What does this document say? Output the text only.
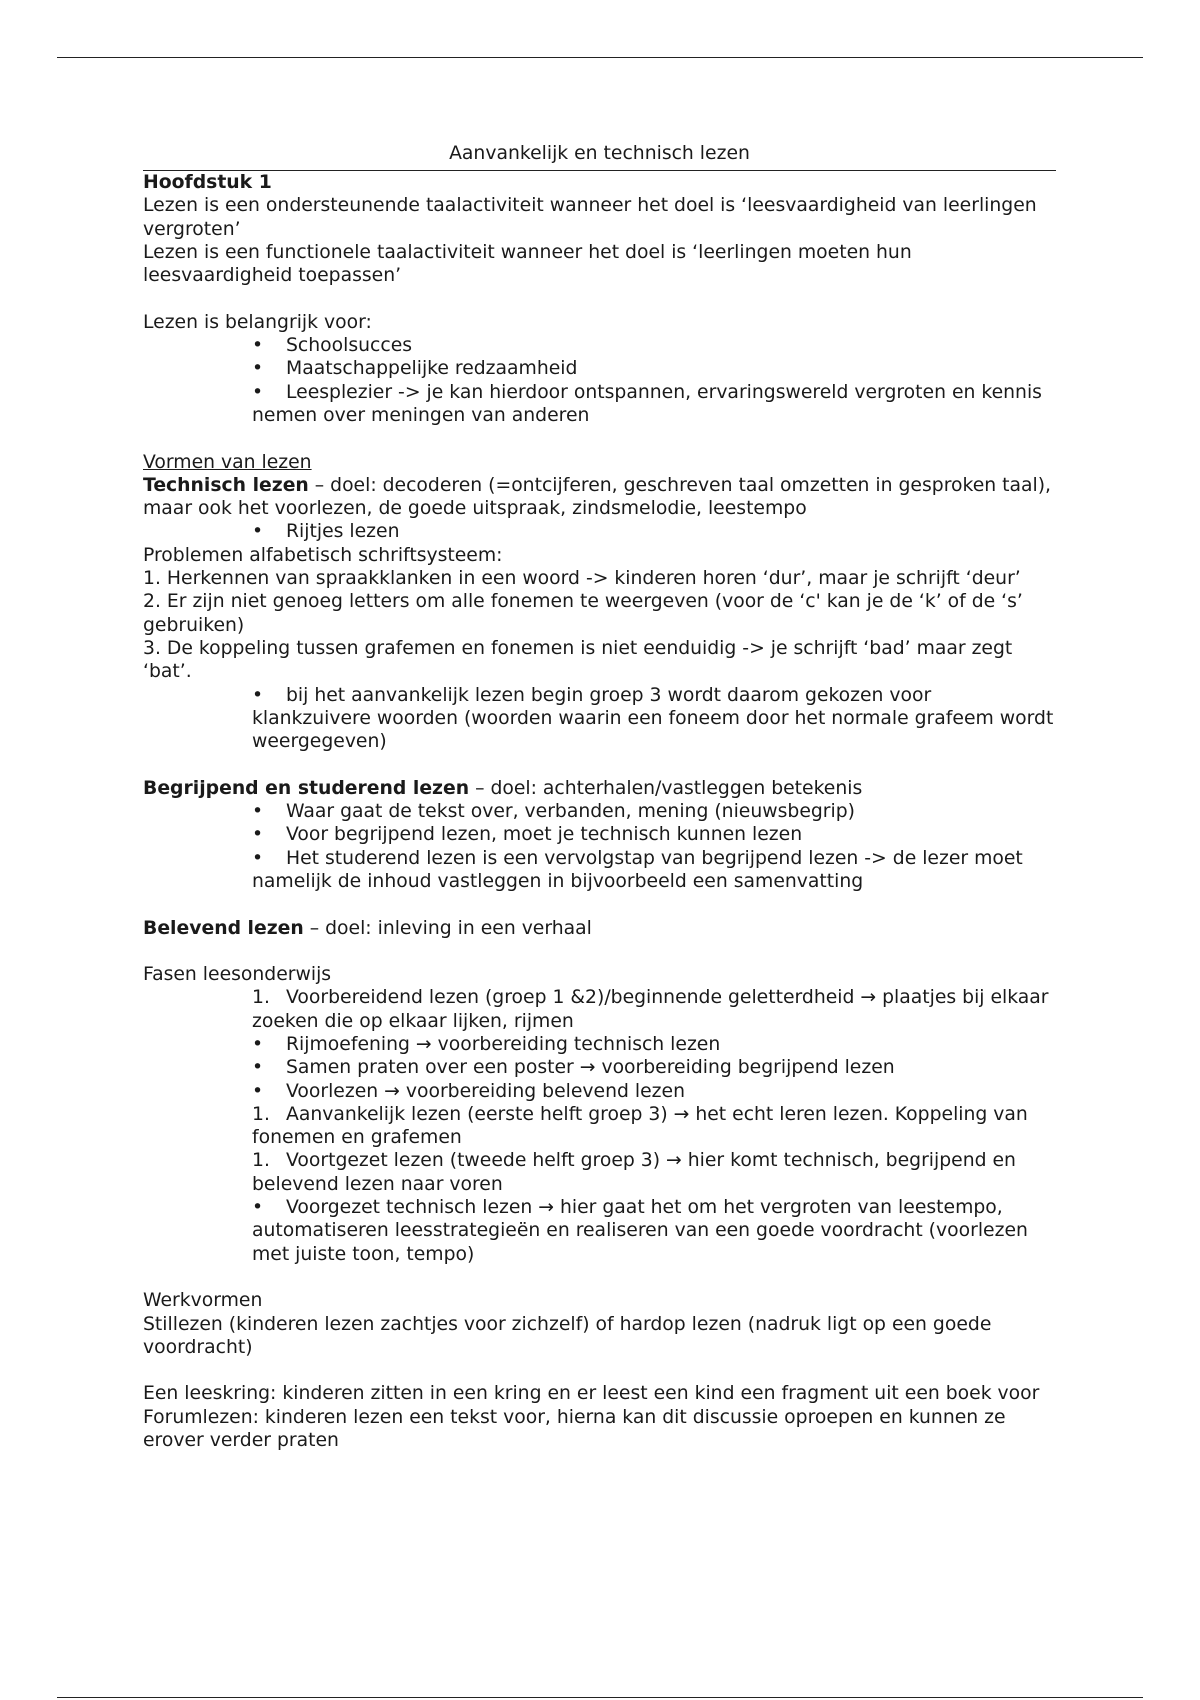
Aanvankelijk en technisch lezen

Hoofdstuk 1

Lezen is een ondersteunende taalactiviteit wanneer het doel is ‘leesvaardigheid van leerlingen vergroten’

Lezen is een functionele taalactiviteit wanneer het doel is ‘leerlingen moeten hun leesvaardigheid toepassen’

Lezen is belangrijk voor:

• Schoolsucces

• Maatschappelijke redzaamheid

• Leesplezier -> je kan hierdoor ontspannen, ervaringswereld vergroten en kennis nemen over meningen van anderen

Vormen van lezen

Technisch lezen – doel: decoderen (=ontcijferen, geschreven taal omzetten in gesproken taal), maar ook het voorlezen, de goede uitspraak, zindsmelodie, leestempo

• Rijtjes lezen

Problemen alfabetisch schriftsysteem:

1. Herkennen van spraakklanken in een woord -> kinderen horen ‘dur’, maar je schrijft ‘deur’

2. Er zijn niet genoeg letters om alle fonemen te weergeven (voor de ‘c' kan je de ‘k’ of de ‘s’ gebruiken)

3. De koppeling tussen grafemen en fonemen is niet eenduidig -> je schrijft ‘bad’ maar zegt ‘bat’.

• bij het aanvankelijk lezen begin groep 3 wordt daarom gekozen voor klankzuivere woorden (woorden waarin een foneem door het normale grafeem wordt weergegeven)

Begrijpend en studerend lezen – doel: achterhalen/vastleggen betekenis

• Waar gaat de tekst over, verbanden, mening (nieuwsbegrip)

• Voor begrijpend lezen, moet je technisch kunnen lezen

• Het studerend lezen is een vervolgstap van begrijpend lezen -> de lezer moet namelijk de inhoud vastleggen in bijvoorbeeld een samenvatting

Belevend lezen – doel: inleving in een verhaal

Fasen leesonderwijs

1. Voorbereidend lezen (groep 1 &2)/beginnende geletterdheid → plaatjes bij elkaar zoeken die op elkaar lijken, rijmen

• Rijmoefening → voorbereiding technisch lezen

• Samen praten over een poster → voorbereiding begrijpend lezen

• Voorlezen → voorbereiding belevend lezen

1. Aanvankelijk lezen (eerste helft groep 3) → het echt leren lezen. Koppeling van fonemen en grafemen

1. Voortgezet lezen (tweede helft groep 3) → hier komt technisch, begrijpend en belevend lezen naar voren

• Voorgezet technisch lezen → hier gaat het om het vergroten van leestempo, automatiseren leesstrategieën en realiseren van een goede voordracht (voorlezen met juiste toon, tempo)

Werkvormen

Stillezen (kinderen lezen zachtjes voor zichzelf) of hardop lezen (nadruk ligt op een goede voordracht)

Een leeskring: kinderen zitten in een kring en er leest een kind een fragment uit een boek voor

Forumlezen: kinderen lezen een tekst voor, hierna kan dit discussie oproepen en kunnen ze erover verder praten
